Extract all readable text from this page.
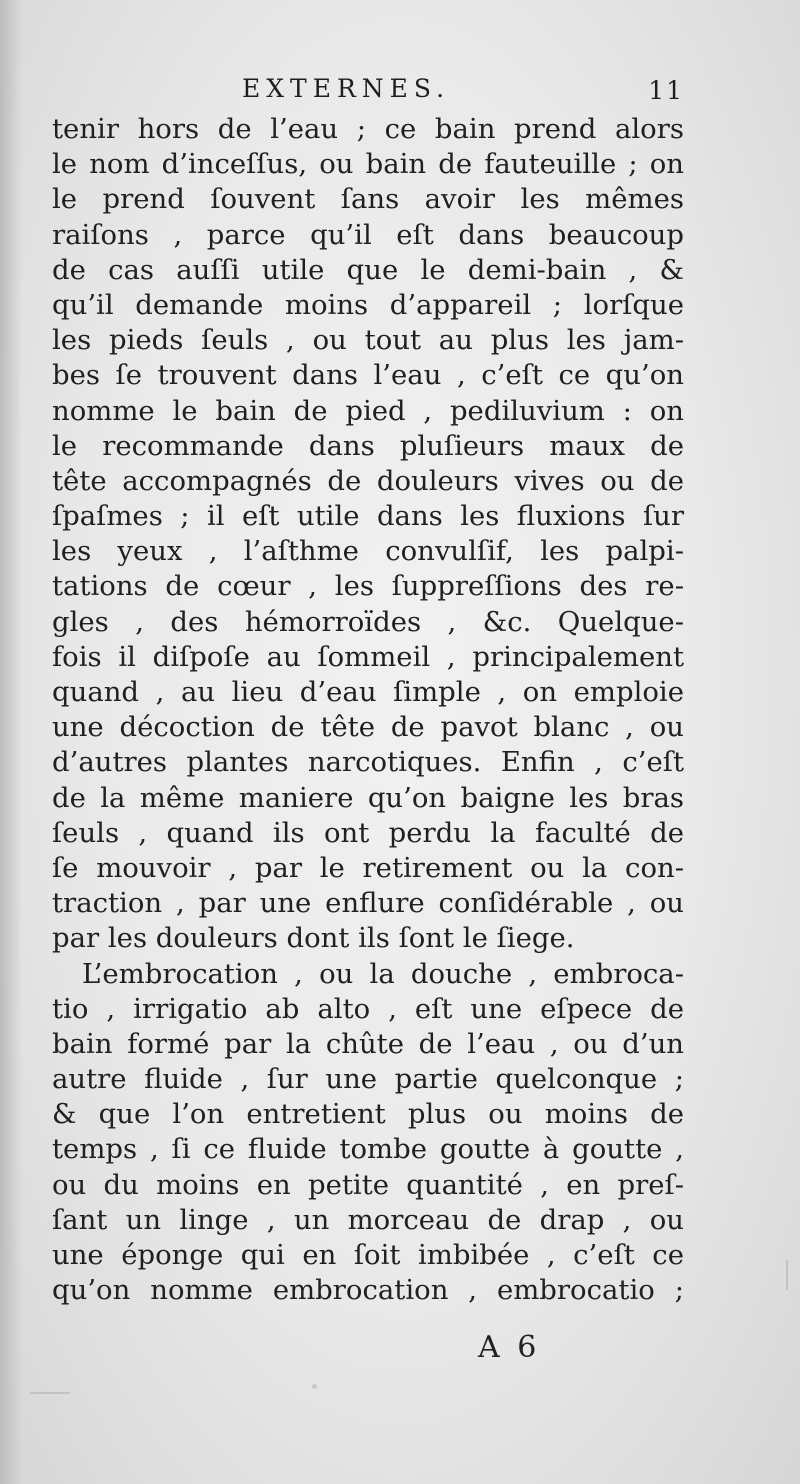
EXTERNES.	11
tenir hors de l’eau ; ce bain prend alors
le nom d’inceſſus, ou bain de fauteuille ; on
le prend ſouvent ſans avoir les mêmes
raiſons , parce qu’il eſt dans beaucoup
de cas auſſi utile que le demi-bain , &
qu’il demande moins d’appareil ; lorſque
les pieds ſeuls , ou tout au plus les jam-
bes ſe trouvent dans l’eau , c’eſt ce qu’on
nomme le bain de pied , pediluvium : on
le recommande dans pluſieurs maux de
tête accompagnés de douleurs vives ou de
ſpaſmes ; il eſt utile dans les fluxions ſur
les yeux , l’aſthme convulſif, les palpi-
tations de cœur , les ſuppreſſions des re-
gles , des hémorroïdes , &c. Quelque-
fois il diſpoſe au ſommeil , principalement
quand , au lieu d’eau ſimple , on emploie
une décoction de tête de pavot blanc , ou
d’autres plantes narcotiques. Enfin , c’eſt
de la même maniere qu’on baigne les bras
ſeuls , quand ils ont perdu la faculté de
ſe mouvoir , par le retirement ou la con-
traction , par une enflure conſidérable , ou
par les douleurs dont ils ſont le ſiege.
L’embrocation , ou la douche , embroca-
tio , irrigatio ab alto , eſt une eſpece de
bain formé par la chûte de l’eau , ou d’un
autre fluide , ſur une partie quelconque ;
& que l’on entretient plus ou moins de
temps , ſi ce fluide tombe goutte à goutte ,
ou du moins en petite quantité , en preſ-
ſant un linge , un morceau de drap , ou
une éponge qui en ſoit imbibée , c’eſt ce
qu’on nomme embrocation , embrocatio ;
A 6
